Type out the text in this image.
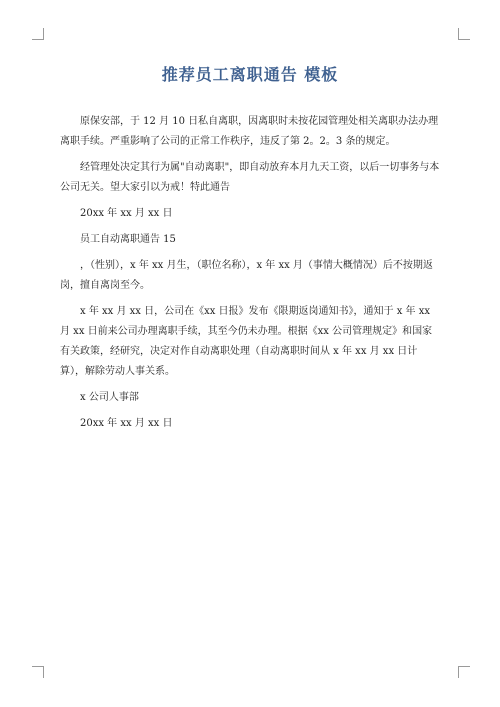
推荐员工离职通告 模板

原保安部，于 12 月 10 日私自离职，因离职时未按花园管理处相关离职办法办理离职手续。严重影响了公司的正常工作秩序，违反了第 2。2。3 条的规定。

经管理处决定其行为属"自动离职"，即自动放弃本月九天工资，以后一切事务与本公司无关。望大家引以为戒！特此通告

20xx 年 xx 月 xx 日

员工自动离职通告 15

，（性别），x 年 xx 月生，（职位名称），x 年 xx 月（事情大概情况）后不按期返岗，擅自离岗至今。

x 年 xx 月 xx 日，公司在《xx 日报》发布《限期返岗通知书》，通知于 x 年 xx 月 xx 日前来公司办理离职手续，其至今仍未办理。根据《xx 公司管理规定》和国家有关政策，经研究，决定对作自动离职处理（自动离职时间从 x 年 xx 月 xx 日计算），解除劳动人事关系。

x 公司人事部

20xx 年 xx 月 xx 日
